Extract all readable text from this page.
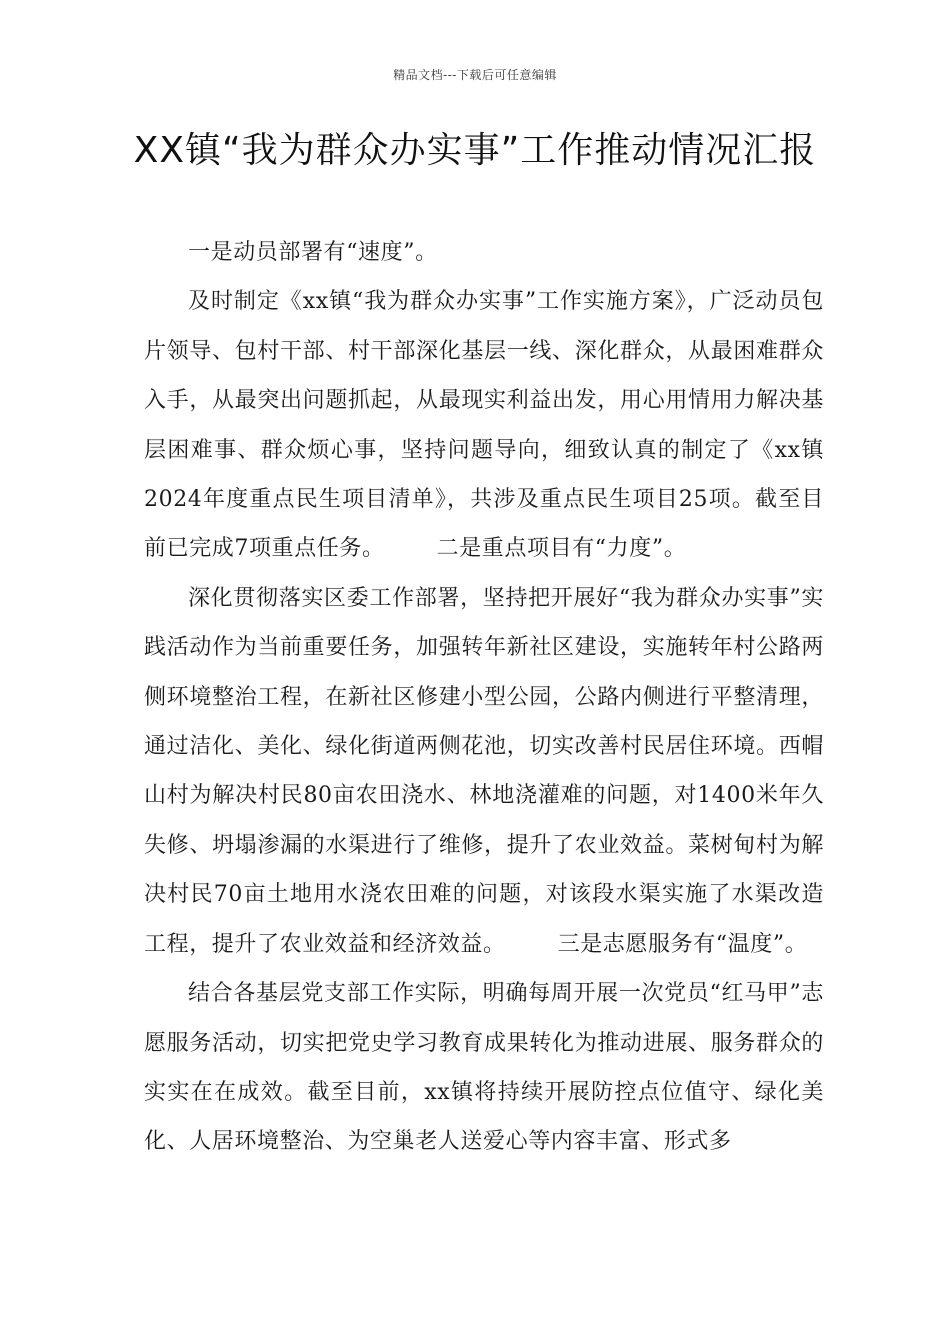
精品文档---下载后可任意编辑
XX镇“我为群众办实事”工作推动情况汇报

一是动员部署有“速度”。

及时制定《xx镇“我为群众办实事”工作实施方案》，广泛动员包片领导、包村干部、村干部深化基层一线、深化群众，从最困难群众入手，从最突出问题抓起，从最现实利益出发，用心用情用力解决基层困难事、群众烦心事，坚持问题导向，细致认真的制定了《xx镇2024年度重点民生项目清单》，共涉及重点民生项目25项。截至目前已完成7项重点任务。 二是重点项目有“力度”。

深化贯彻落实区委工作部署，坚持把开展好“我为群众办实事”实践活动作为当前重要任务，加强转年新社区建设，实施转年村公路两侧环境整治工程，在新社区修建小型公园，公路内侧进行平整清理，通过洁化、美化、绿化街道两侧花池，切实改善村民居住环境。西帽山村为解决村民80亩农田浇水、林地浇灌难的问题，对1400米年久失修、坍塌渗漏的水渠进行了维修，提升了农业效益。菜树甸村为解决村民70亩土地用水浇农田难的问题，对该段水渠实施了水渠改造工程，提升了农业效益和经济效益。 三是志愿服务有“温度”。

结合各基层党支部工作实际，明确每周开展一次党员“红马甲”志愿服务活动，切实把党史学习教育成果转化为推动进展、服务群众的实实在在成效。截至目前，xx镇将持续开展防控点位值守、绿化美化、人居环境整治、为空巢老人送爱心等内容丰富、形式多
